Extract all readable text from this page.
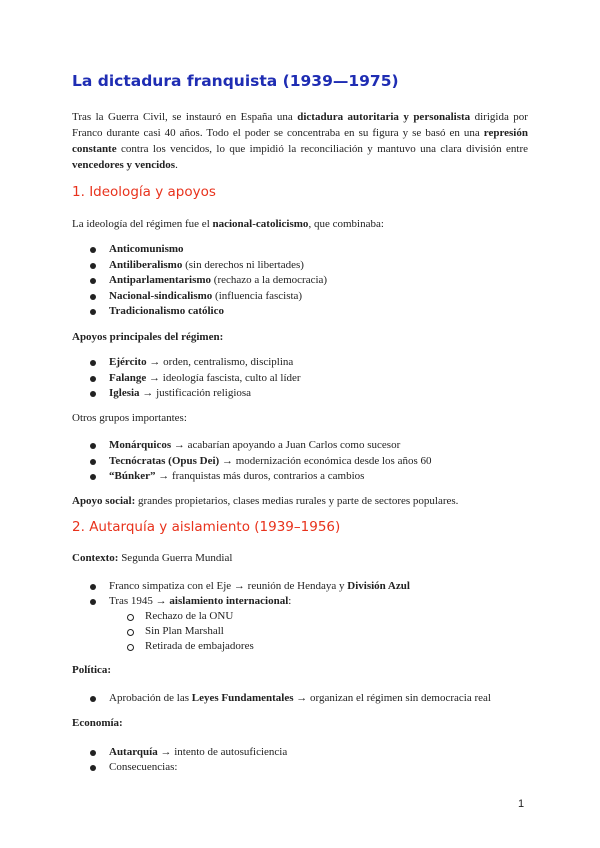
La dictadura franquista (1939—1975)

Tras la Guerra Civil, se instauró en España una dictadura autoritaria y personalista dirigida por Franco durante casi 40 años. Todo el poder se concentraba en su figura y se basó en una represión constante contra los vencidos, lo que impidió la reconciliación y mantuvo una clara división entre vencedores y vencidos.

1. Ideología y apoyos
La ideología del régimen fue el nacional-catolicismo, que combinaba:
Anticomunismo
Antiliberalismo (sin derechos ni libertades)
Antiparlamentarismo (rechazo a la democracia)
Nacional-sindicalismo (influencia fascista)
Tradicionalismo católico
Apoyos principales del régimen:
Ejército → orden, centralismo, disciplina
Falange → ideología fascista, culto al líder
Iglesia → justificación religiosa
Otros grupos importantes:
Monárquicos → acabarían apoyando a Juan Carlos como sucesor
Tecnócratas (Opus Dei) → modernización económica desde los años 60
“Búnker” → franquistas más duros, contrarios a cambios
Apoyo social: grandes propietarios, clases medias rurales y parte de sectores populares.
2. Autarquía y aislamiento (1939–1956)
Contexto: Segunda Guerra Mundial
Franco simpatiza con el Eje → reunión de Hendaya y División Azul
Tras 1945 → aislamiento internacional:
Rechazo de la ONU
Sin Plan Marshall
Retirada de embajadores
Política:
Aprobación de las Leyes Fundamentales → organizan el régimen sin democracia real
Economía:
Autarquía → intento de autosuficiencia
Consecuencias:
1
